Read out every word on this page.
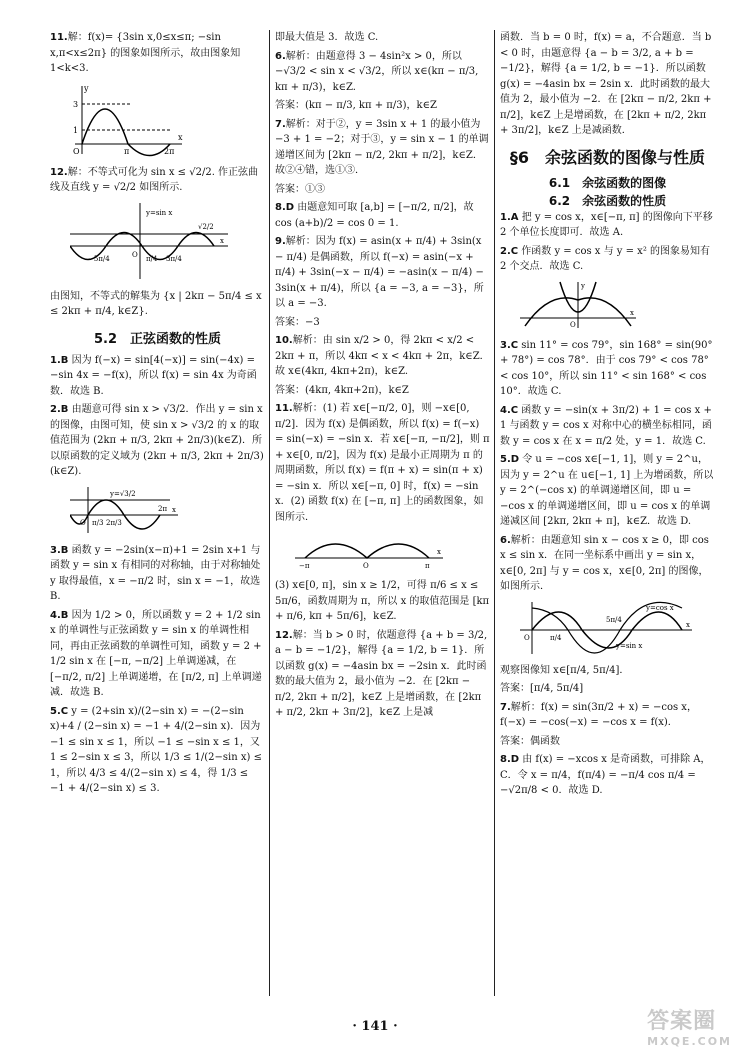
11.解：f(x)= {3sin x,0≤x≤π; −sin x,π<x≤2π} 的图象如图所示，故由图象知 1<k<3.

y
3
1
O	π	2π
x

12.解：不等式可化为 sin x ≤ √2/2. 作正弦曲线及直线 y = √2/2 如图所示.

y=sin x
√2/2
−5π/4	O π/4 3π/4
x

由图知，不等式的解集为 {x | 2kπ − 5π/4 ≤ x ≤ 2kπ + π/4, k∈Z}.

5.2　正弦函数的性质

1.B 因为 f(−x) = sin[4(−x)] = sin(−4x) = −sin 4x = −f(x)，所以 f(x) = sin 4x 为奇函数．故选 B.

2.B 由题意可得 sin x > √3/2．作出 y = sin x 的图像，由图可知，使 sin x > √3/2 的 x 的取值范围为 (2kπ + π/3, 2kπ + 2π/3)(k∈Z)．所以原函数的定义域为 (2kπ + π/3, 2kπ + 2π/3)(k∈Z).

y=√3/2
π/3 2π/3
2π
O
x

3.B 函数 y = −2sin(x−π)+1 = 2sin x+1 与函数 y = sin x 有相同的对称轴，由于对称轴处 y 取得最值，x = −π/2 时，sin x = −1，故选 B.

4.B 因为 1/2 > 0，所以函数 y = 2 + 1/2 sin x 的单调性与正弦函数 y = sin x 的单调性相同，再由正弦函数的单调性可知，函数 y = 2 + 1/2 sin x 在 [−π, −π/2] 上单调递减，在 [−π/2, π/2] 上单调递增，在 [π/2, π] 上单调递减．故选 B.

5.C y = (2+sin x)/(2−sin x) = −(2−sin x)+4 / (2−sin x) = −1 + 4/(2−sin x)．因为 −1 ≤ sin x ≤ 1，所以 −1 ≤ −sin x ≤ 1，又 1 ≤ 2−sin x ≤ 3，所以 1/3 ≤ 1/(2−sin x) ≤ 1，所以 4/3 ≤ 4/(2−sin x) ≤ 4，得 1/3 ≤ −1 + 4/(2−sin x) ≤ 3.

即最大值是 3．故选 C.

6.解析：由题意得 3 − 4sin²x > 0，所以 −√3/2 < sin x < √3/2，所以 x∈(kπ − π/3, kπ + π/3)，k∈Z.

答案：(kπ − π/3, kπ + π/3)，k∈Z

7.解析：对于②，y = 3sin x + 1 的最小值为 −3 + 1 = −2；对于③，y = sin x − 1 的单调递增区间为 [2kπ − π/2, 2kπ + π/2]，k∈Z．故②④错，选①③．

答案：①③

8.D 由题意知可取 [a,b] = [−π/2, π/2]，故 cos (a+b)/2 = cos 0 = 1.

9.解析：因为 f(x) = asin(x + π/4) + 3sin(x − π/4) 是偶函数，所以 f(−x) = asin(−x + π/4) + 3sin(−x − π/4) = −asin(x − π/4) − 3sin(x + π/4)，所以 {a = −3, a = −3}，所以 a = −3.

答案：−3

10.解析：由 sin x/2 > 0，得 2kπ < x/2 < 2kπ + π，所以 4kπ < x < 4kπ + 2π，k∈Z．故 x∈(4kπ, 4kπ+2π)，k∈Z.

答案：(4kπ, 4kπ+2π)，k∈Z

11.解析：(1) 若 x∈[−π/2, 0]，则 −x∈[0, π/2]．因为 f(x) 是偶函数，所以 f(x) = f(−x) = sin(−x) = −sin x．若 x∈[−π, −π/2]，则 π + x∈[0, π/2]，因为 f(x) 是最小正周期为 π 的周期函数，所以 f(x) = f(π + x) = sin(π + x) = −sin x．所以 x∈[−π, 0] 时，f(x) = −sin x．(2) 函数 f(x) 在 [−π, π] 上的函数图象，如图所示．

−π	O	π
x

(3) x∈[0, π]，sin x ≥ 1/2，可得 π/6 ≤ x ≤ 5π/6，函数周期为 π，所以 x 的取值范围是 [kπ + π/6, kπ + 5π/6]，k∈Z.

12.解：当 b > 0 时，依题意得 {a + b = 3/2, a − b = −1/2}，解得 {a = 1/2, b = 1}．所以函数 g(x) = −4asin bx = −2sin x．此时函数的最大值为 2，最小值为 −2．在 [2kπ − π/2, 2kπ + π/2]，k∈Z 上是增函数，在 [2kπ + π/2, 2kπ + 3π/2]，k∈Z 上是减

函数．当 b = 0 时，f(x) = a，不合题意．当 b < 0 时，由题意得 {a − b = 3/2, a + b = −1/2}，解得 {a = 1/2, b = −1}．所以函数 g(x) = −4asin bx = 2sin x．此时函数的最大值为 2，最小值为 −2．在 [2kπ − π/2, 2kπ + π/2]，k∈Z 上是增函数，在 [2kπ + π/2, 2kπ + 3π/2]，k∈Z 上是减函数．

§6　余弦函数的图像与性质
6.1　余弦函数的图像
6.2　余弦函数的性质

1.A 把 y = cos x，x∈[−π, π] 的图像向下平移 2 个单位长度即可．故选 A.

2.C 作函数 y = cos x 与 y = x² 的图象易知有 2 个交点．故选 C.

y
O
x

3.C sin 11° = cos 79°，sin 168° = sin(90° + 78°) = cos 78°．由于 cos 79° < cos 78° < cos 10°，所以 sin 11° < sin 168° < cos 10°．故选 C.

4.C 函数 y = −sin(x + 3π/2) + 1 = cos x + 1 与函数 y = cos x 对称中心的横坐标相同，函数 y = cos x 在 x = π/2 处，y = 1．故选 C.

5.D 令 u = −cos x∈[−1, 1]，则 y = 2^u，因为 y = 2^u 在 u∈[−1, 1] 上为增函数，所以 y = 2^(−cos x) 的单调递增区间，即 u = −cos x 的单调递增区间，即 u = cos x 的单调递减区间 [2kπ, 2kπ + π]，k∈Z．故选 D.

6.解析：由题意知 sin x − cos x ≥ 0，即 cos x ≤ sin x．在同一坐标系中画出 y = sin x，x∈[0, 2π] 与 y = cos x，x∈[0, 2π] 的图像，如图所示．

y=cos x
y=sin x
π/4
5π/4
O
x

观察图像知 x∈[π/4, 5π/4]．

答案：[π/4, 5π/4]

7.解析：f(x) = sin(3π/2 + x) = −cos x，f(−x) = −cos(−x) = −cos x = f(x)．

答案：偶函数

8.D 由 f(x) = −xcos x 是奇函数，可排除 A，C．令 x = π/4，f(π/4) = −π/4 cos π/4 = −√2π/8 < 0．故选 D.

· 141 ·	答案圈
MXQE.COM
